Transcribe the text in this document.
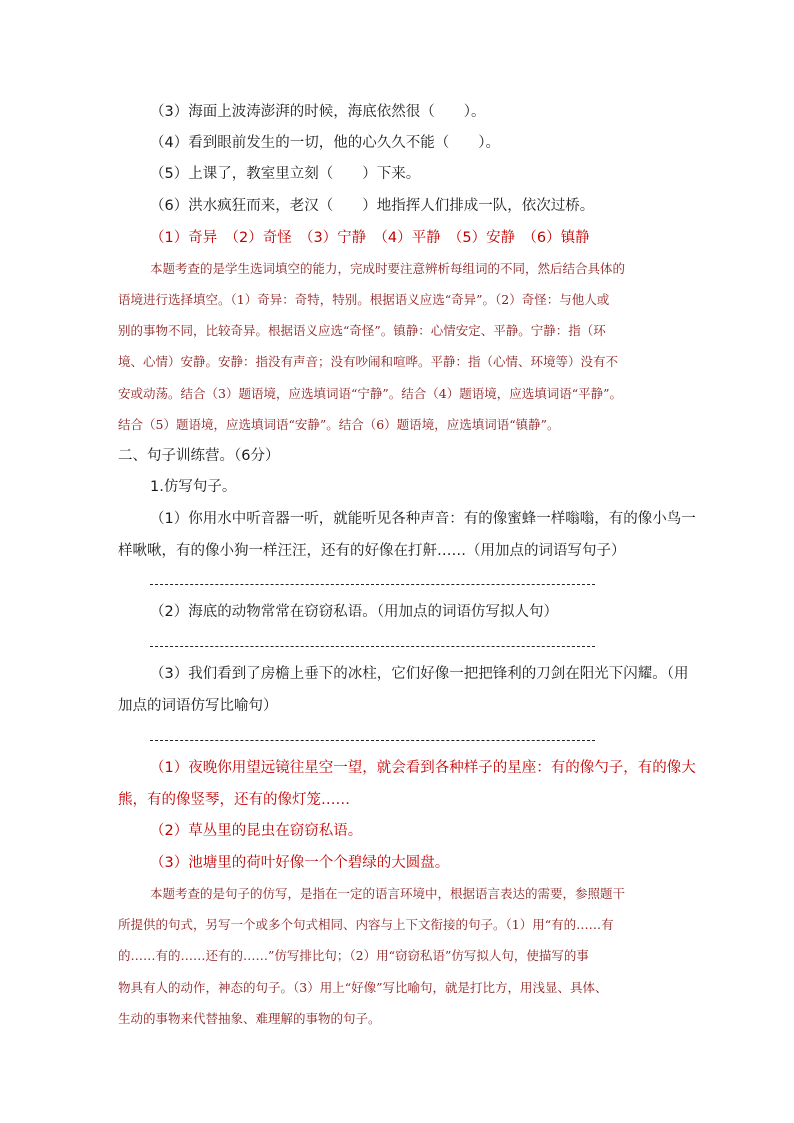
（3）海面上波涛澎湃的时候，海底依然很（　　）。
（4）看到眼前发生的一切，他的心久久不能（　　）。
（5）上课了，教室里立刻（　　）下来。
（6）洪水疯狂而来，老汉（　　）地指挥人们排成一队，依次过桥。
（1）奇异　（2）奇怪　（3）宁静　（4）平静　（5）安静　（6）镇静
本题考查的是学生选词填空的能力，完成时要注意辨析每组词的不同，然后结合具体的
语境进行选择填空。（1）奇异：奇特，特别。根据语义应选“奇异”。（2）奇怪：与他人或
别的事物不同，比较奇异。根据语义应选“奇怪”。镇静：心情安定、平静。宁静：指（环
境、心情）安静。安静：指没有声音；没有吵闹和喧哗。平静：指（心情、环境等）没有不
安或动荡。结合（3）题语境，应选填词语“宁静”。结合（4）题语境，应选填词语“平静”。
结合（5）题语境，应选填词语“安静”。结合（6）题语境，应选填词语“镇静”。
二、句子训练营。（6分）
1.仿写句子。
（1）你用水中听音器一听，就能听见各种声音：有的像蜜蜂一样嗡嗡，有的像小鸟一
样啾啾，有的像小狗一样汪汪，还有的好像在打鼾……（用加点的词语写句子）
（2）海底的动物常常在窃窃私语。（用加点的词语仿写拟人句）
（3）我们看到了房檐上垂下的冰柱，它们好像一把把锋利的刀剑在阳光下闪耀。（用
加点的词语仿写比喻句）
（1）夜晚你用望远镜往星空一望，就会看到各种样子的星座：有的像勺子，有的像大
熊，有的像竖琴，还有的像灯笼……
（2）草丛里的昆虫在窃窃私语。
（3）池塘里的荷叶好像一个个碧绿的大圆盘。
本题考查的是句子的仿写，是指在一定的语言环境中，根据语言表达的需要，参照题干
所提供的句式，另写一个或多个句式相同、内容与上下文衔接的句子。（1）用“有的……有
的……有的……还有的……”仿写排比句；（2）用“窃窃私语”仿写拟人句，使描写的事
物具有人的动作，神态的句子。（3）用上“好像”写比喻句，就是打比方，用浅显、具体、
生动的事物来代替抽象、难理解的事物的句子。
